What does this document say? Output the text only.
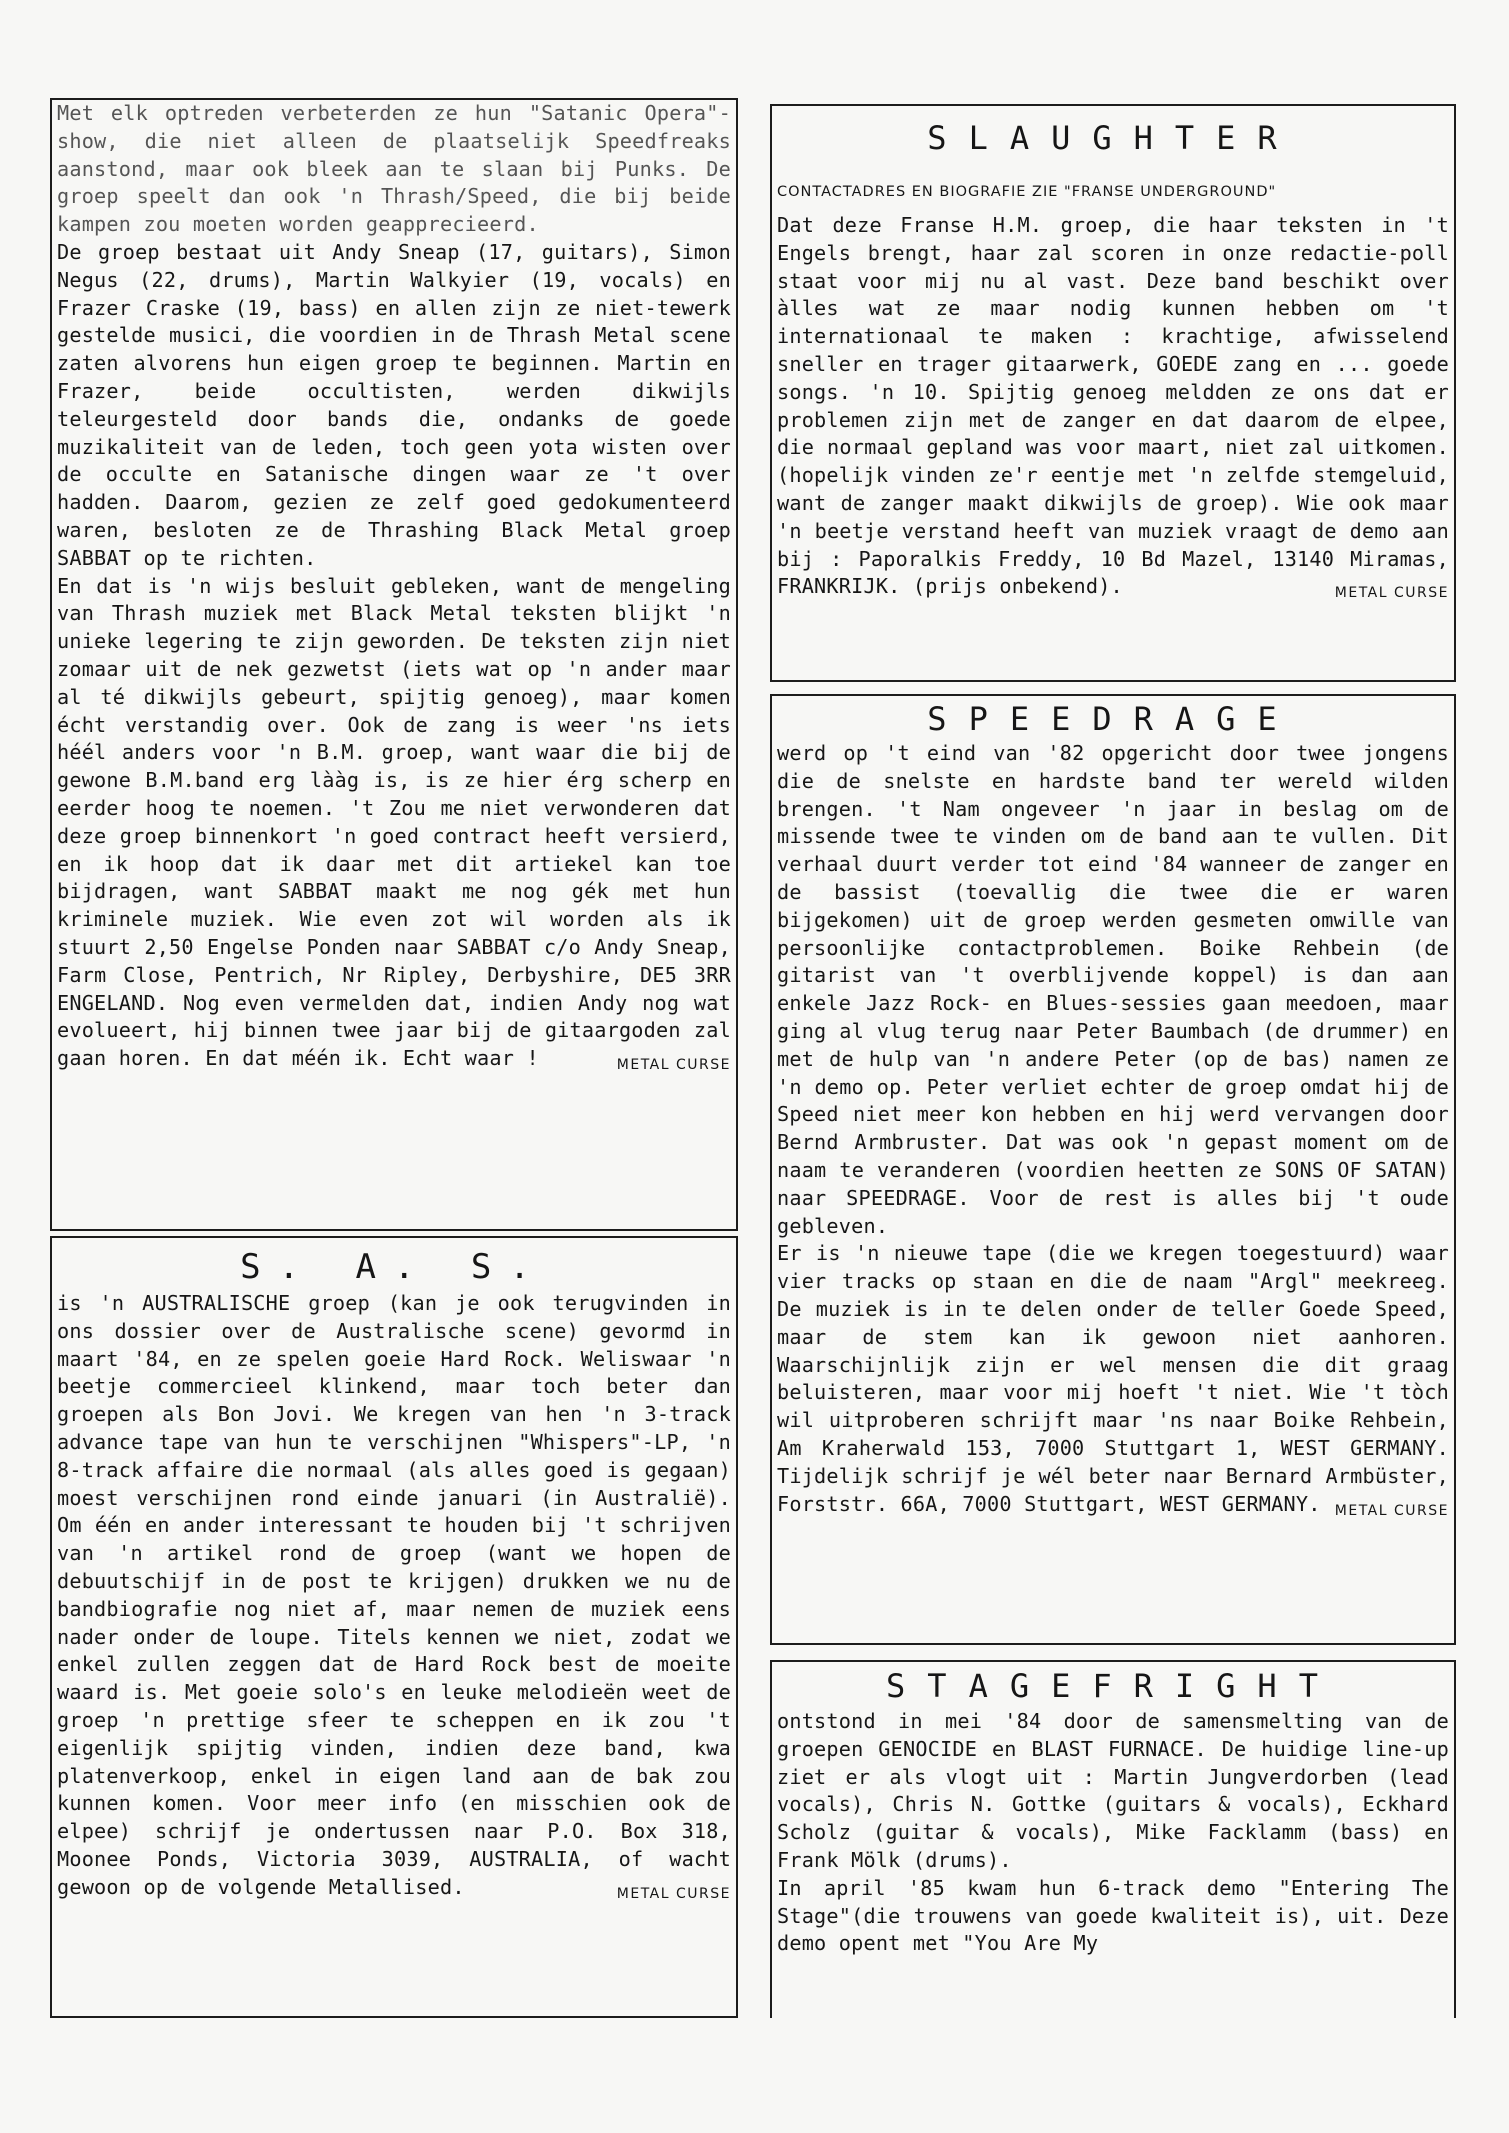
Met elk optreden verbeterden ze hun "Satanic Opera"-show, die niet alleen de plaatselijk Speedfreaks aanstond, maar ook bleek aan te slaan bij Punks. De groep speelt dan ook 'n Thrash/Speed, die bij beide kampen zou moeten worden geapprecieerd.

De groep bestaat uit Andy Sneap (17, guitars), Simon Negus (22, drums), Martin Walkyier (19, vocals) en Frazer Craske (19, bass) en allen zijn ze niet-tewerk gestelde musici, die voordien in de Thrash Metal scene zaten alvorens hun eigen groep te beginnen. Martin en Frazer, beide occultisten, werden dikwijls teleurgesteld door bands die, ondanks de goede muzikaliteit van de leden, toch geen yota wisten over de occulte en Satanische dingen waar ze 't over hadden. Daarom, gezien ze zelf goed gedokumenteerd waren, besloten ze de Thrashing Black Metal groep SABBAT op te richten.

En dat is 'n wijs besluit gebleken, want de mengeling van Thrash muziek met Black Metal teksten blijkt 'n unieke legering te zijn geworden. De teksten zijn niet zomaar uit de nek gezwetst (iets wat op 'n ander maar al té dikwijls gebeurt, spijtig genoeg), maar komen écht verstandig over. Ook de zang is weer 'ns iets héél anders voor 'n B.M. groep, want waar die bij de gewone B.M.band erg lààg is, is ze hier érg scherp en eerder hoog te noemen. 't Zou me niet verwonderen dat deze groep binnenkort 'n goed contract heeft versierd, en ik hoop dat ik daar met dit artiekel kan toe bijdragen, want SABBAT maakt me nog gék met hun kriminele muziek. Wie even zot wil worden als ik stuurt 2,50 Engelse Ponden naar SABBAT c/o Andy Sneap, Farm Close, Pentrich, Nr Ripley, Derbyshire, DE5 3RR ENGELAND. Nog even vermelden dat, indien Andy nog wat evolueert, hij binnen twee jaar bij de gitaargoden zal gaan horen. En dat méén ik. Echt waar !	METAL CURSE

S. A. S.

is 'n AUSTRALISCHE groep (kan je ook terugvinden in ons dossier over de Australische scene) gevormd in maart '84, en ze spelen goeie Hard Rock. Weliswaar 'n beetje commercieel klinkend, maar toch beter dan groepen als Bon Jovi. We kregen van hen 'n 3-track advance tape van hun te verschijnen "Whispers"-LP, 'n 8-track affaire die normaal (als alles goed is gegaan) moest verschijnen rond einde januari (in Australië). Om één en ander interessant te houden bij 't schrijven van 'n artikel rond de groep (want we hopen de debuutschijf in de post te krijgen) drukken we nu de bandbiografie nog niet af, maar nemen de muziek eens nader onder de loupe. Titels kennen we niet, zodat we enkel zullen zeggen dat de Hard Rock best de moeite waard is. Met goeie solo's en leuke melodieën weet de groep 'n prettige sfeer te scheppen en ik zou 't eigenlijk spijtig vinden, indien deze band, kwa platenverkoop, enkel in eigen land aan de bak zou kunnen komen. Voor meer info (en misschien ook de elpee) schrijf je ondertussen naar P.O. Box 318, Moonee Ponds, Victoria 3039, AUSTRALIA, of wacht gewoon op de volgende Metallised.	METAL CURSE

SLAUGHTER

CONTACTADRES EN BIOGRAFIE ZIE "FRANSE UNDERGROUND"

Dat deze Franse H.M. groep, die haar teksten in 't Engels brengt, haar zal scoren in onze redactie-poll staat voor mij nu al vast. Deze band beschikt over àlles wat ze maar nodig kunnen hebben om 't internationaal te maken : krachtige, afwisselend sneller en trager gitaarwerk, GOEDE zang en ... goede songs. 'n 10. Spijtig genoeg meldden ze ons dat er problemen zijn met de zanger en dat daarom de elpee, die normaal gepland was voor maart, niet zal uitkomen. (hopelijk vinden ze'r eentje met 'n zelfde stemgeluid, want de zanger maakt dikwijls de groep). Wie ook maar 'n beetje verstand heeft van muziek vraagt de demo aan bij : Paporalkis Freddy, 10 Bd Mazel, 13140 Miramas, FRANKRIJK. (prijs onbekend).	METAL CURSE

SPEEDRAGE

werd op 't eind van '82 opgericht door twee jongens die de snelste en hardste band ter wereld wilden brengen. 't Nam ongeveer 'n jaar in beslag om de missende twee te vinden om de band aan te vullen. Dit verhaal duurt verder tot eind '84 wanneer de zanger en de bassist (toevallig die twee die er waren bijgekomen) uit de groep werden gesmeten omwille van persoonlijke contactproblemen. Boike Rehbein (de gitarist van 't overblijvende koppel) is dan aan enkele Jazz Rock- en Blues-sessies gaan meedoen, maar ging al vlug terug naar Peter Baumbach (de drummer) en met de hulp van 'n andere Peter (op de bas) namen ze 'n demo op. Peter verliet echter de groep omdat hij de Speed niet meer kon hebben en hij werd vervangen door Bernd Armbruster. Dat was ook 'n gepast moment om de naam te veranderen (voordien heetten ze SONS OF SATAN) naar SPEEDRAGE. Voor de rest is alles bij 't oude gebleven.

Er is 'n nieuwe tape (die we kregen toegestuurd) waar vier tracks op staan en die de naam "Argl" meekreeg. De muziek is in te delen onder de teller Goede Speed, maar de stem kan ik gewoon niet aanhoren. Waarschijnlijk zijn er wel mensen die dit graag beluisteren, maar voor mij hoeft 't niet. Wie 't tòch wil uitproberen schrijft maar 'ns naar Boike Rehbein, Am Kraherwald 153, 7000 Stuttgart 1, WEST GERMANY. Tijdelijk schrijf je wél beter naar Bernard Armbüster, Forststr. 66A, 7000 Stuttgart, WEST GERMANY. METAL CURSE

STAGEFRIGHT

ontstond in mei '84 door de samensmelting van de groepen GENOCIDE en BLAST FURNACE. De huidige line-up ziet er als vlogt uit : Martin Jungverdorben (lead vocals), Chris N. Gottke (guitars & vocals), Eckhard Scholz (guitar & vocals), Mike Facklamm (bass) en Frank Mölk (drums).

In april '85 kwam hun 6-track demo "Entering The Stage"(die trouwens van goede kwaliteit is), uit. Deze demo opent met "You Are My
